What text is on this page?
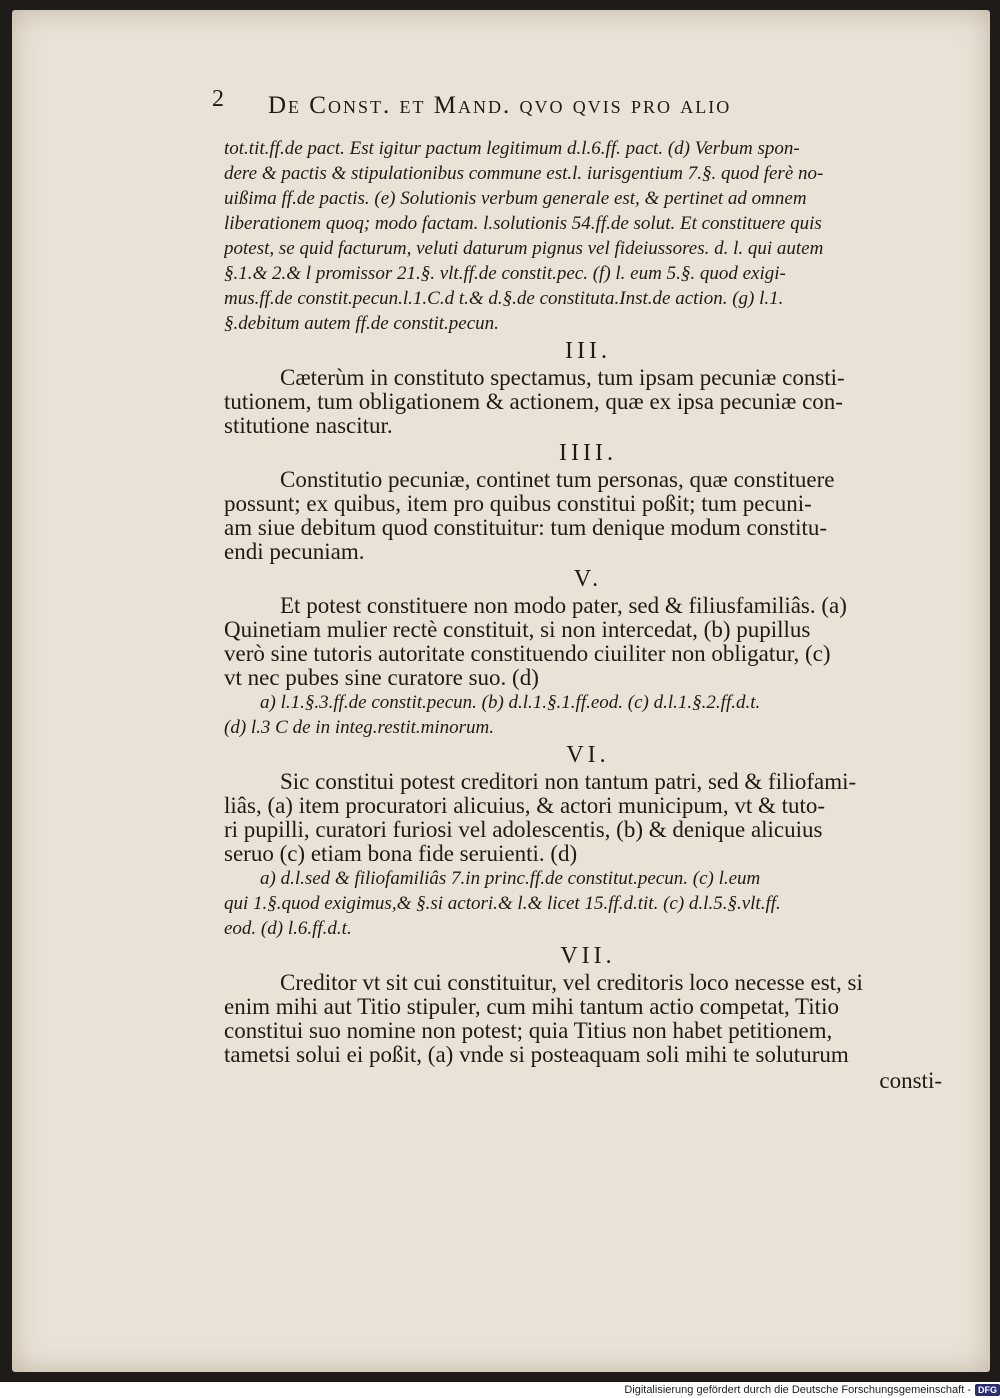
2 De Const. et Mand. qvo qvis pro alio
tot.tit.ff.de pact. Est igitur pactum legitimum d.l.6.ff. pact. (d) Verbum spon-
dere & pactis & stipulationibus commune est.l. iurisgentium 7.§. quod ferè no-
uißima ff.de pactis. (e) Solutionis verbum generale est, & pertinet ad omnem
liberationem quoq; modo factam. l.solutionis 54.ff.de solut. Et constituere quis
potest, se quid facturum, veluti daturum pignus vel fideiussores. d. l. qui autem
§.1.& 2.& l promissor 21.§. vlt.ff.de constit.pec. (f) l. eum 5.§. quod exigi-
mus.ff.de constit.pecun.l.1.C.d t.& d.§.de constituta.Inst.de action. (g) l.1.
§.debitum autem ff.de constit.pecun.
III.
Cæterùm in constituto spectamus, tum ipsam pecuniæ consti-
tutionem, tum obligationem & actionem, quæ ex ipsa pecuniæ con-
stitutione nascitur.
IIII.
Constitutio pecuniæ, continet tum personas, quæ constituere
possunt; ex quibus, item pro quibus constitui poßit; tum pecuni-
am siue debitum quod constituitur: tum denique modum constitu-
endi pecuniam.
V.
Et potest constituere non modo pater, sed & filiusfamiliâs. (a)
Quinetiam mulier rectè constituit, si non intercedat, (b) pupillus
verò sine tutoris autoritate constituendo ciuiliter non obligatur, (c)
vt nec pubes sine curatore suo. (d)
a) l.1.§.3.ff.de constit.pecun. (b) d.l.1.§.1.ff.eod. (c) d.l.1.§.2.ff.d.t.
(d) l.3 C de in integ.restit.minorum.
VI.
Sic constitui potest creditori non tantum patri, sed & filiofami-
liâs, (a) item procuratori alicuius, & actori municipum, vt & tuto-
ri pupilli, curatori furiosi vel adolescentis, (b) & denique alicuius
seruo (c) etiam bona fide seruienti. (d)
a) d.l.sed & filiofamiliâs 7.in princ.ff.de constitut.pecun. (c) l.eum
qui 1.§.quod exigimus,& §.si actori.& l.& licet 15.ff.d.tit. (c) d.l.5.§.vlt.ff.
eod. (d) l.6.ff.d.t.
VII.
Creditor vt sit cui constituitur, vel creditoris loco necesse est, si
enim mihi aut Titio stipuler, cum mihi tantum actio competat, Titio
constitui suo nomine non potest; quia Titius non habet petitionem,
tametsi solui ei poßit, (a) vnde si posteaquam soli mihi te soluturum
consti-
Digitalisierung gefördert durch die Deutsche Forschungsgemeinschaft - DFG
